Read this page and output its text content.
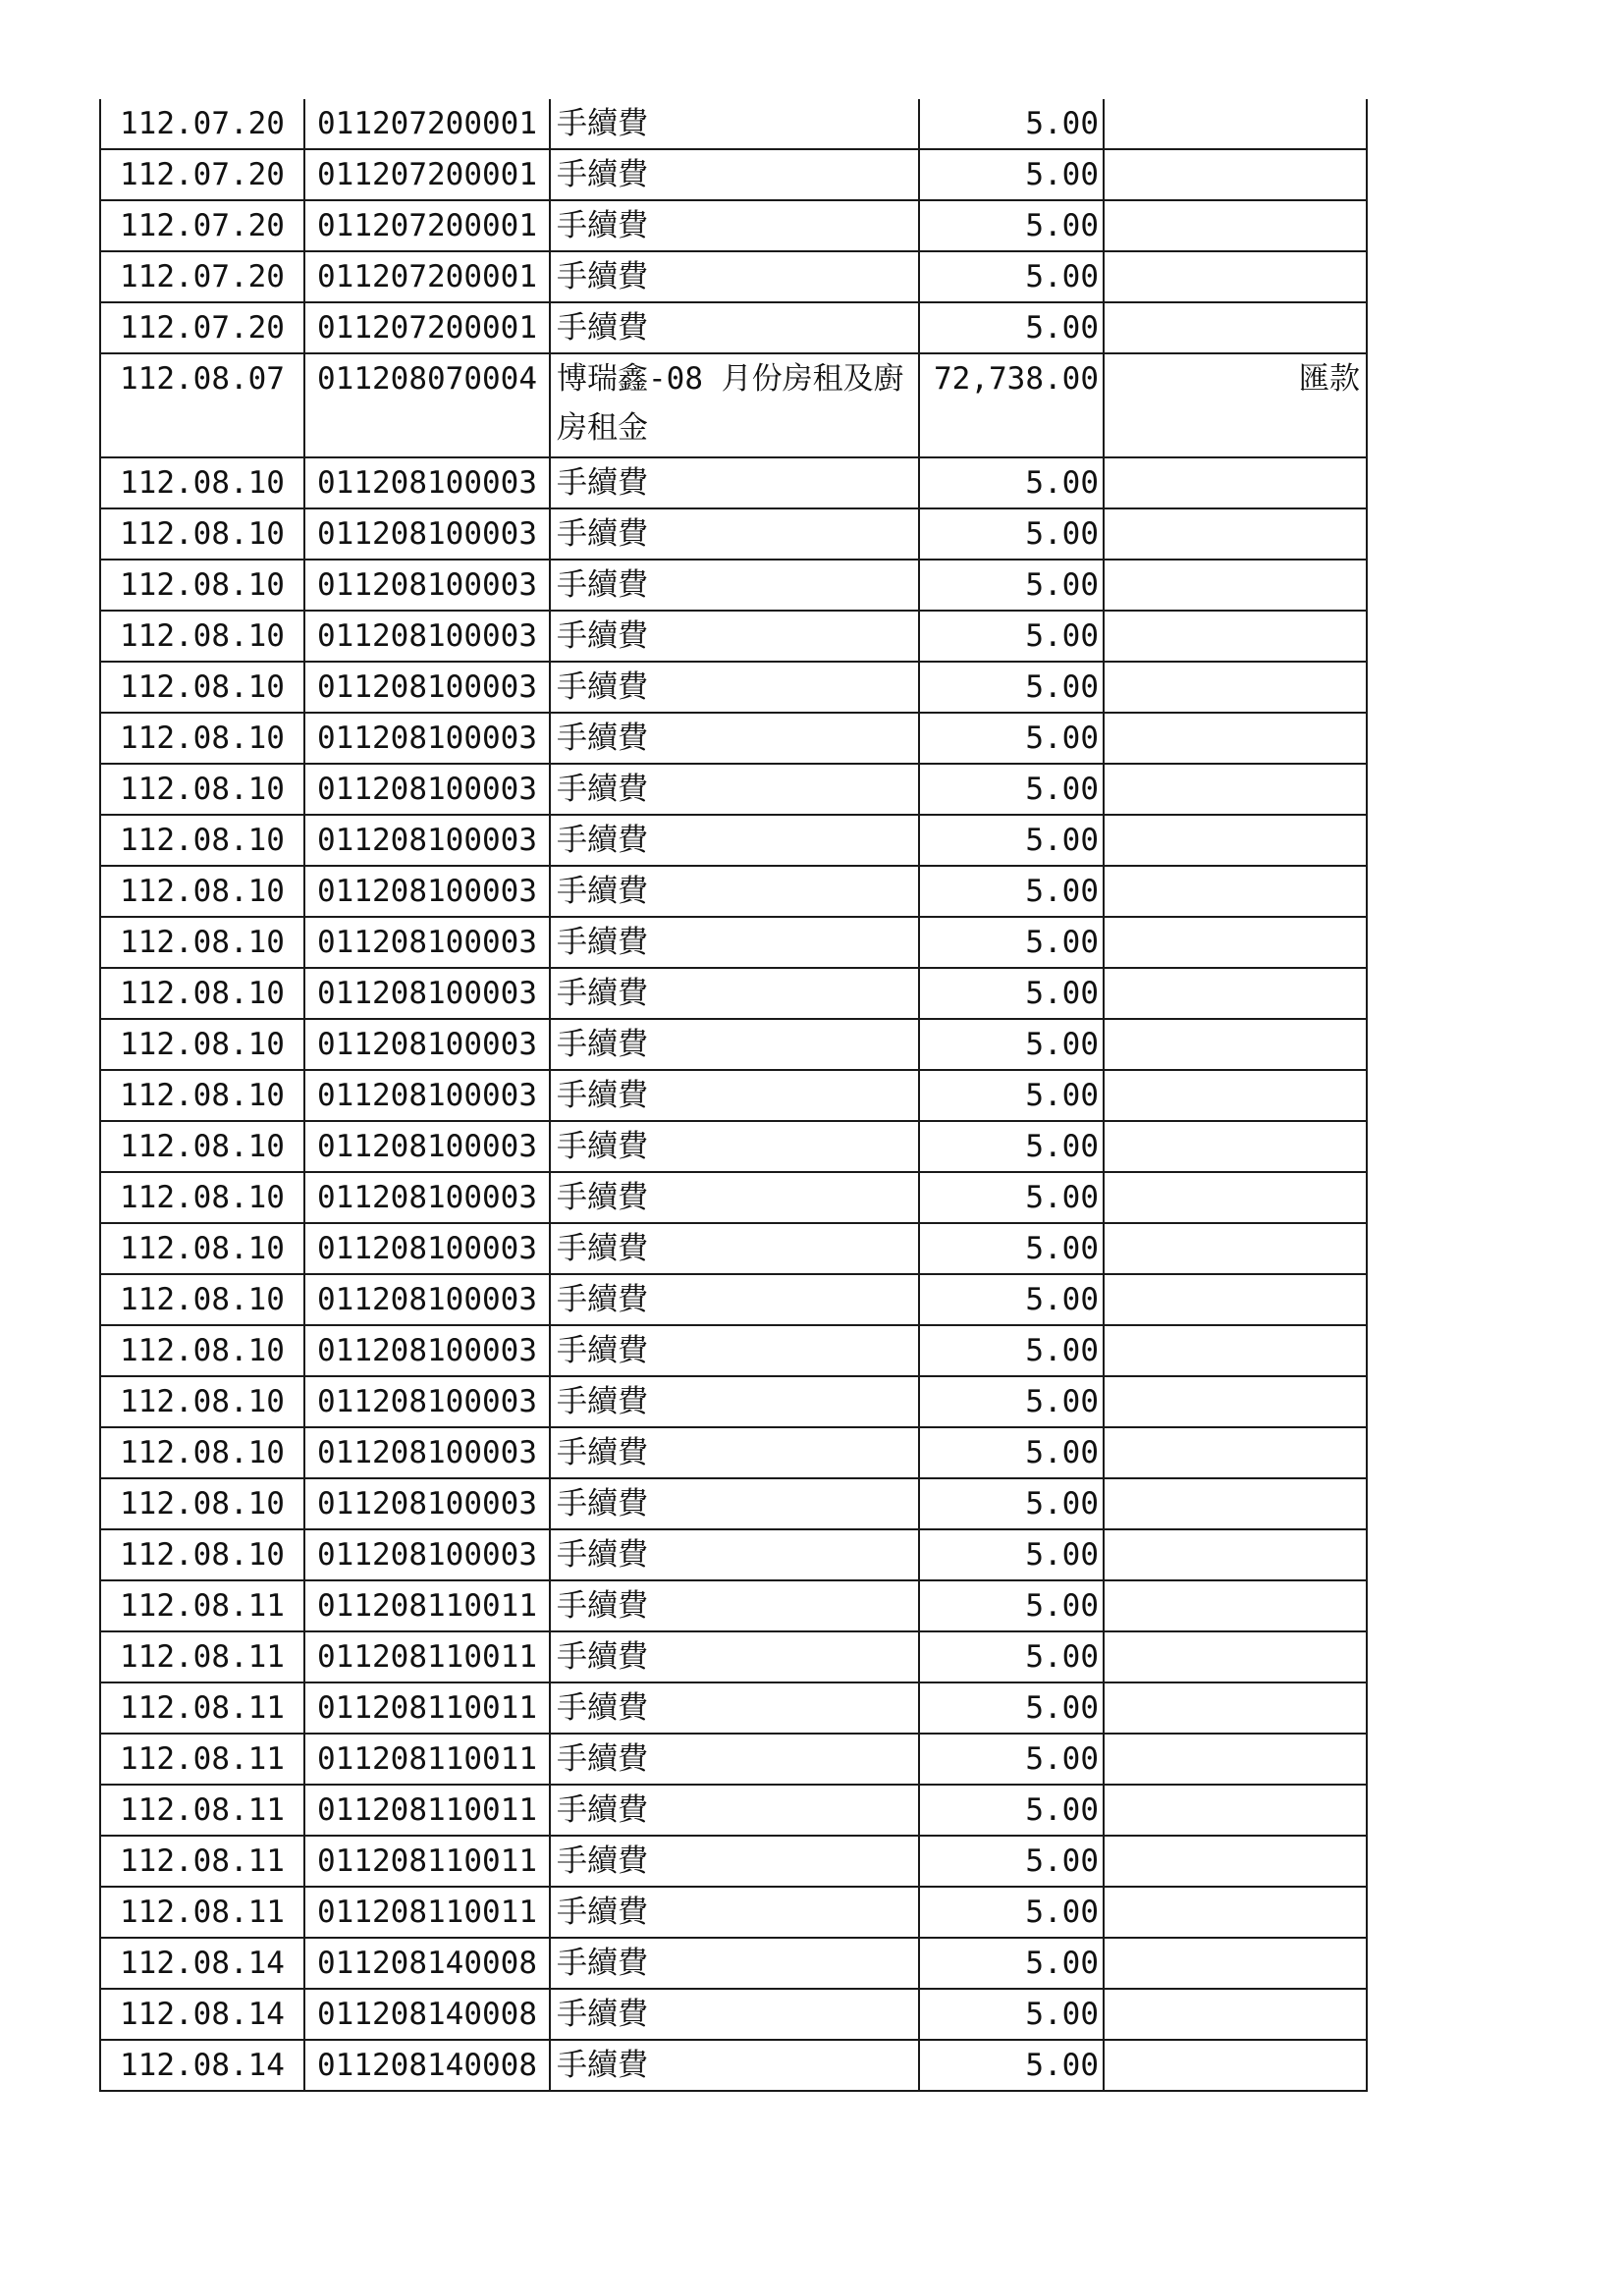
112.07.20	011207200001	手續費	5.00	
112.07.20	011207200001	手續費	5.00	
112.07.20	011207200001	手續費	5.00	
112.07.20	011207200001	手續費	5.00	
112.07.20	011207200001	手續費	5.00	
112.08.07	011208070004	博瑞鑫-08 月份房租及廚房租金	72,738.00	匯款
112.08.10	011208100003	手續費	5.00	
112.08.10	011208100003	手續費	5.00	
112.08.10	011208100003	手續費	5.00	
112.08.10	011208100003	手續費	5.00	
112.08.10	011208100003	手續費	5.00	
112.08.10	011208100003	手續費	5.00	
112.08.10	011208100003	手續費	5.00	
112.08.10	011208100003	手續費	5.00	
112.08.10	011208100003	手續費	5.00	
112.08.10	011208100003	手續費	5.00	
112.08.10	011208100003	手續費	5.00	
112.08.10	011208100003	手續費	5.00	
112.08.10	011208100003	手續費	5.00	
112.08.10	011208100003	手續費	5.00	
112.08.10	011208100003	手續費	5.00	
112.08.10	011208100003	手續費	5.00	
112.08.10	011208100003	手續費	5.00	
112.08.10	011208100003	手續費	5.00	
112.08.10	011208100003	手續費	5.00	
112.08.10	011208100003	手續費	5.00	
112.08.10	011208100003	手續費	5.00	
112.08.10	011208100003	手續費	5.00	
112.08.11	011208110011	手續費	5.00	
112.08.11	011208110011	手續費	5.00	
112.08.11	011208110011	手續費	5.00	
112.08.11	011208110011	手續費	5.00	
112.08.11	011208110011	手續費	5.00	
112.08.11	011208110011	手續費	5.00	
112.08.11	011208110011	手續費	5.00	
112.08.14	011208140008	手續費	5.00	
112.08.14	011208140008	手續費	5.00	
112.08.14	011208140008	手續費	5.00	
